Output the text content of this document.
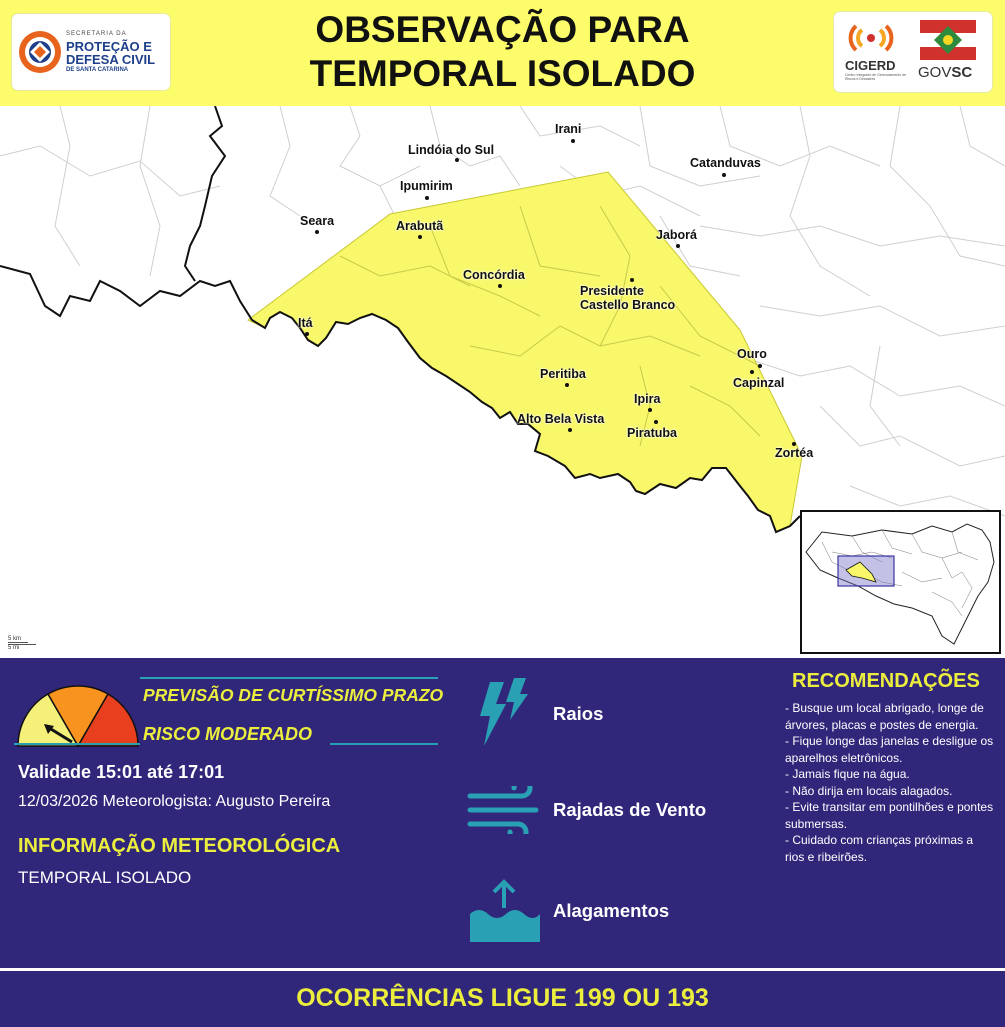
SECRETARIA DA
PROTEÇÃO E
DEFESA CIVIL
DE SANTA CATARINA
OBSERVAÇÃO PARA
TEMPORAL ISOLADO	CIGERD
Centro Integrado de Gerenciamento de Riscos e Desastres	GOVSC
Irani
Lindóia do Sul
Catanduvas
Ipumirim
Seara	Arabutã
Jaborá
Concórdia
Presidente
Castello Branco
Itá
Ouro
Capinzal
Peritiba
Ipira
Alto Bela Vista
Piratuba
Zortéa
5 km
5 mi
PREVISÃO DE CURTÍSSIMO PRAZO
RISCO MODERADO
Validade 15:01 até 17:01
12/03/2026 Meteorologista: Augusto Pereira
INFORMAÇÃO METEOROLÓGICA
TEMPORAL ISOLADO
Raios
Rajadas de Vento
Alagamentos
RECOMENDAÇÕES
- Busque um local abrigado, longe de árvores, placas e postes de energia.
- Fique longe das janelas e desligue os aparelhos eletrônicos.
- Jamais fique na água.
- Não dirija em locais alagados.
- Evite transitar em pontilhões e pontes submersas.
- Cuidado com crianças próximas a rios e ribeirões.
OCORRÊNCIAS LIGUE 199 OU 193
